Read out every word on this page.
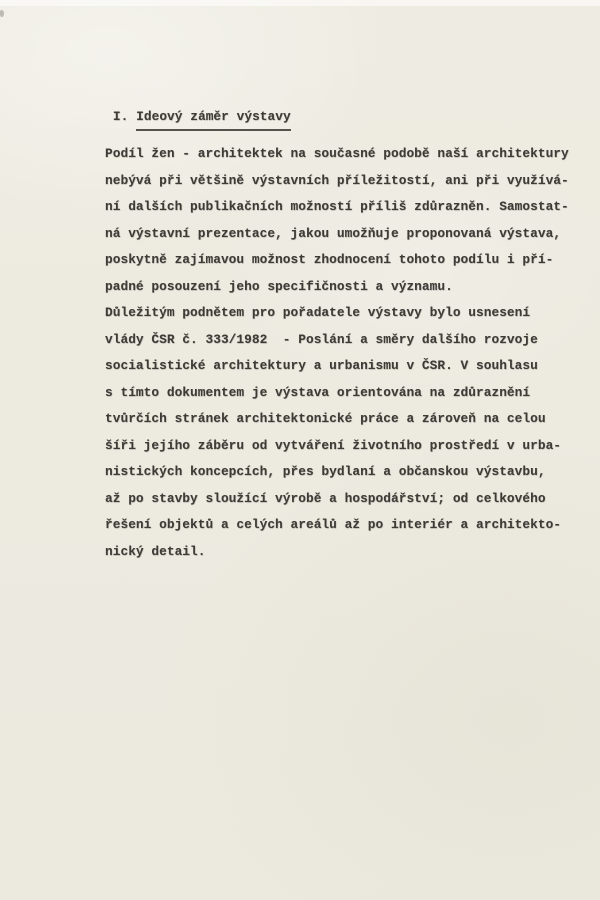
I. Ideový záměr výstavy

Podíl žen - architektek na současné podobě naší architektury
nebývá při většině výstavních příležitostí, ani při využívá-
ní dalších publikačních možností příliš zdůrazněn. Samostat-
ná výstavní prezentace, jakou umožňuje proponovaná výstava,
poskytně zajímavou možnost zhodnocení tohoto podílu i pří-
padné posouzení jeho specifičnosti a významu.
Důležitým podnětem pro pořadatele výstavy bylo usnesení
vlády ČSR č. 333/1982  - Poslání a směry dalšího rozvoje
socialistické architektury a urbanismu v ČSR. V souhlasu
s tímto dokumentem je výstava orientována na zdůraznění
tvůrčích stránek architektonické práce a zároveň na celou
šíři jejího záběru od vytváření životního prostředí v urba-
nistických koncepcích, přes bydlaní a občanskou výstavbu,
až po stavby sloužící výrobě a hospodářství; od celkového
řešení objektů a celých areálů až po interiér a architekto-
nický detail.
